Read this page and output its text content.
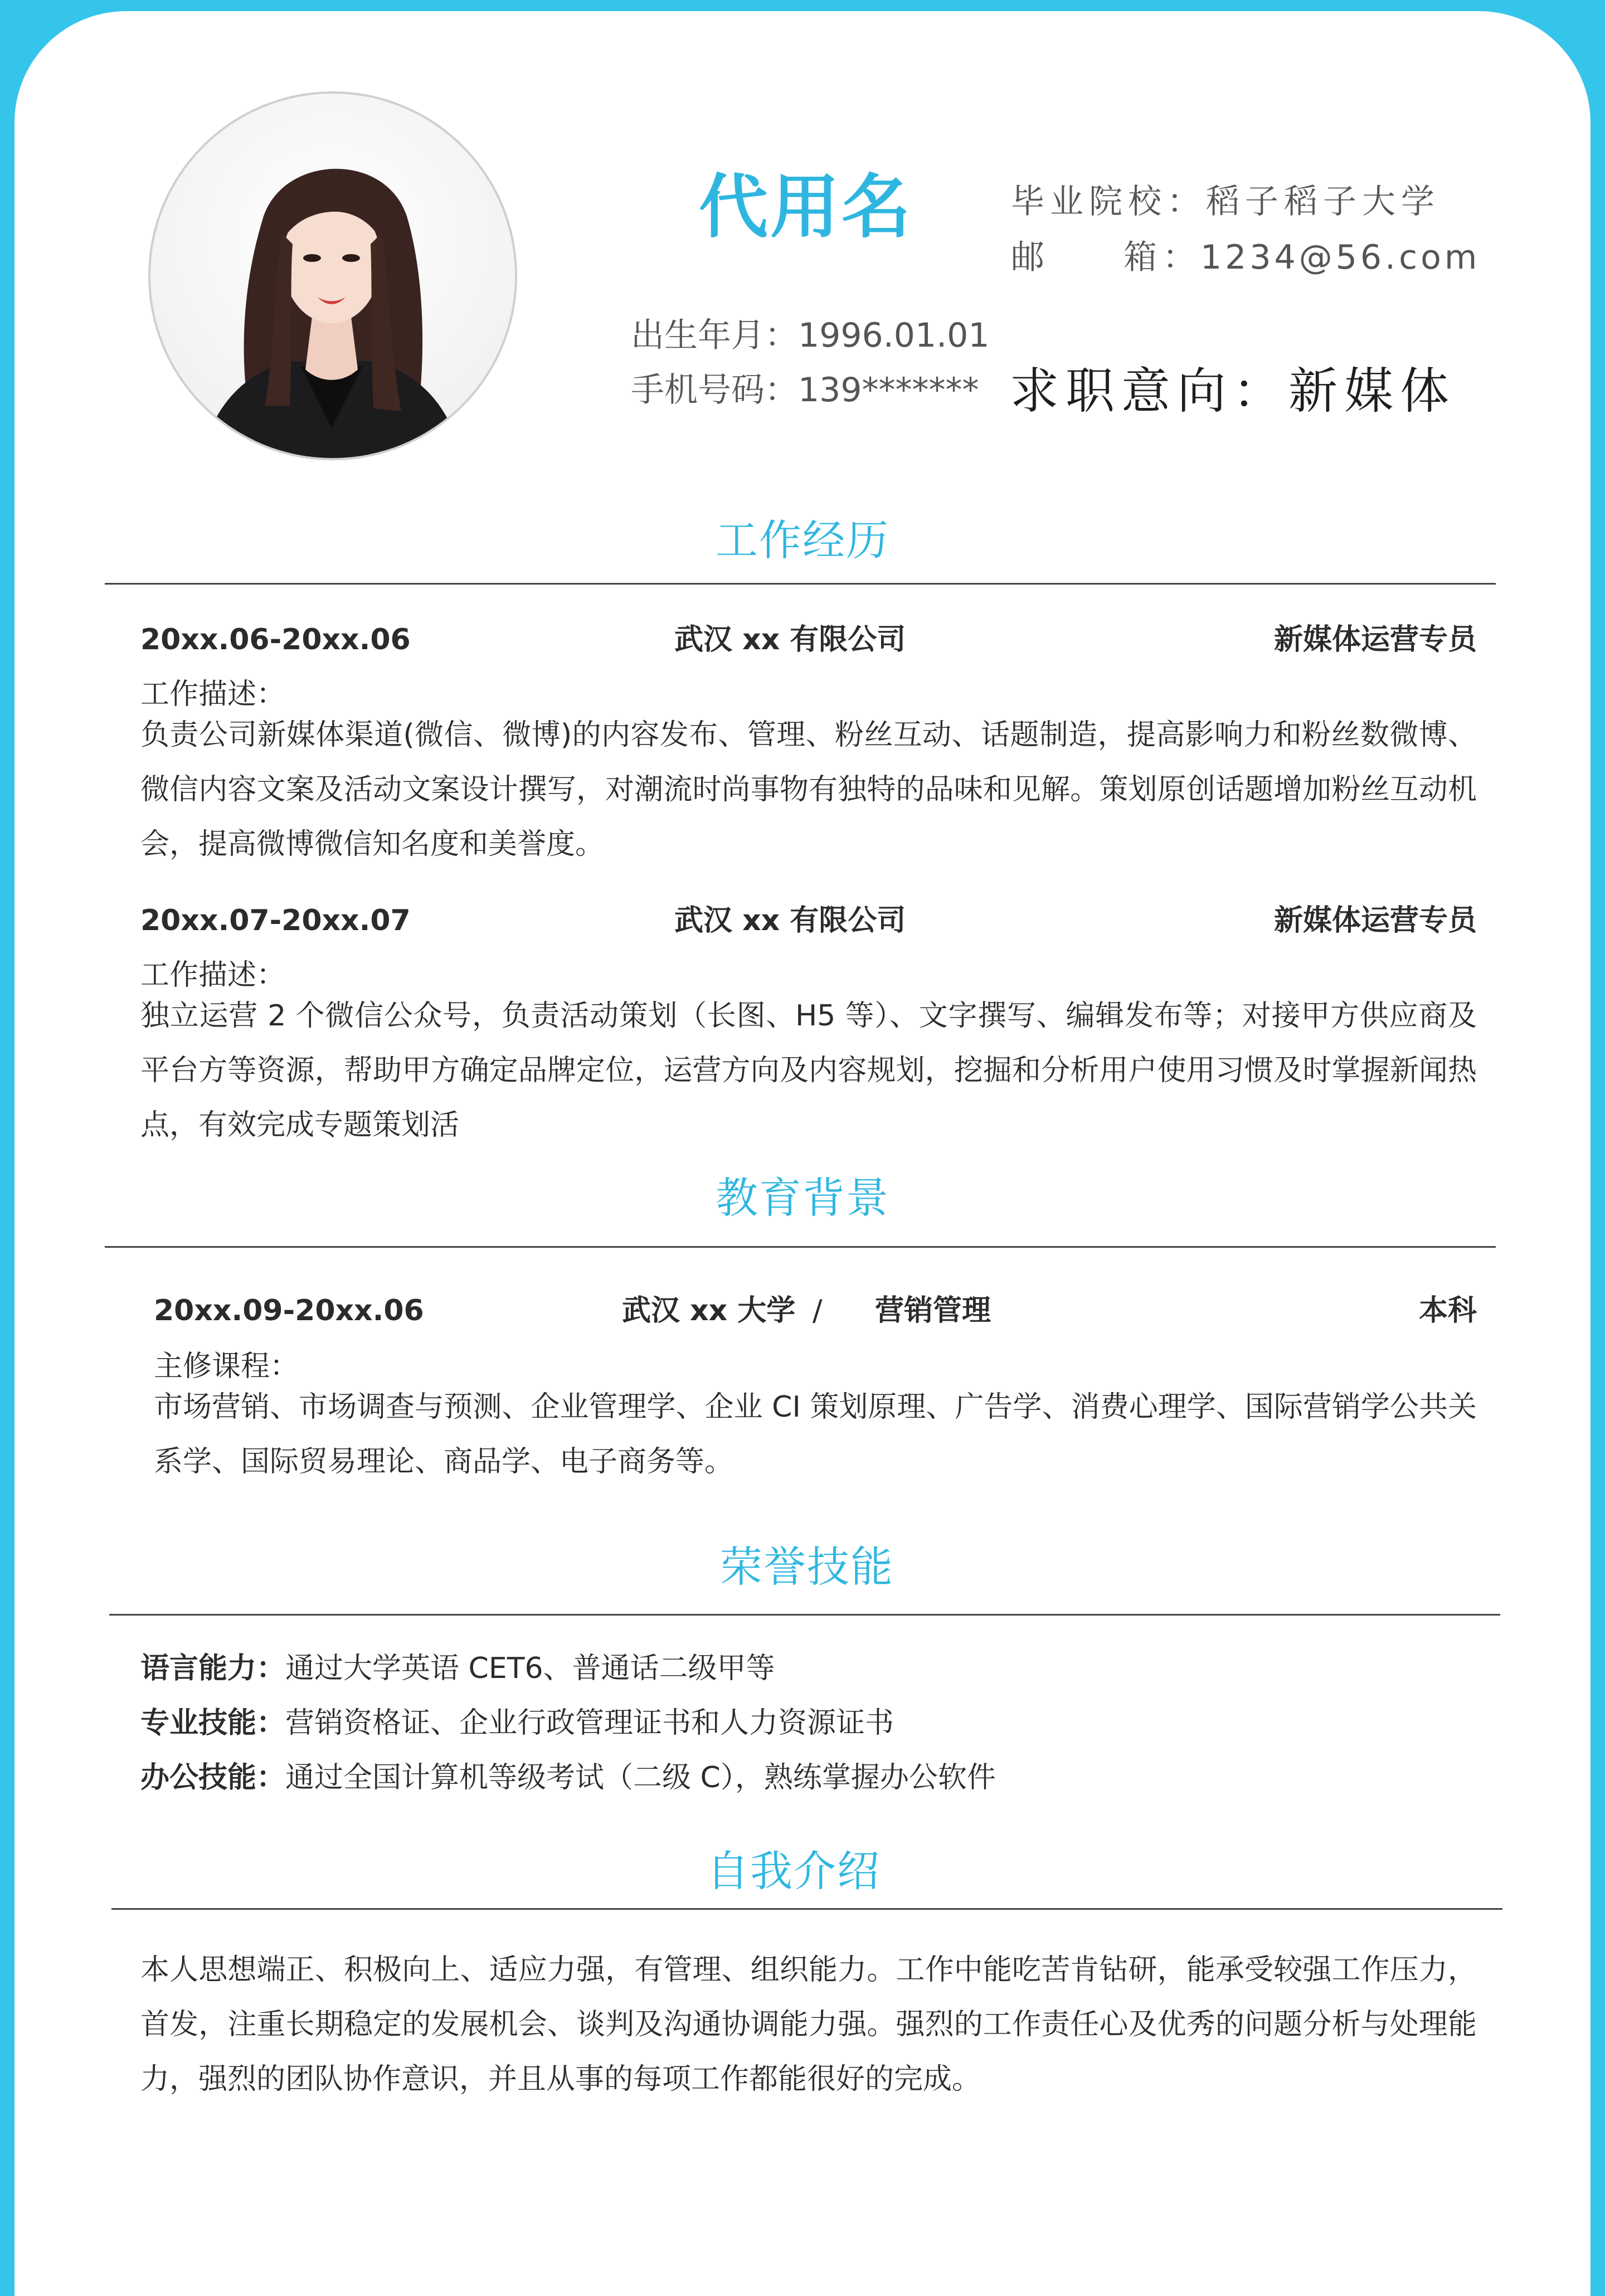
代用名
出生年月：1996.01.01
手机号码：139*******
毕业院校：稻子稻子大学
邮 箱：
1234@56.com
求职意向：新媒体
工作经历
20xx.06-20xx.06	武汉 xx 有限公司	新媒体运营专员
工作描述：
负责公司新媒体渠道(微信、微博)的内容发布、管理、粉丝互动、话题制造，提高影响力和粉丝数微博、微信内容文案及活动文案设计撰写，对潮流时尚事物有独特的品味和见解。策划原创话题增加粉丝互动机会，提高微博微信知名度和美誉度。
20xx.07-20xx.07	武汉 xx 有限公司	新媒体运营专员
工作描述：
独立运营 2 个微信公众号，负责活动策划（长图、H5 等）、文字撰写、编辑发布等；对接甲方供应商及平台方等资源，帮助甲方确定品牌定位，运营方向及内容规划，挖掘和分析用户使用习惯及时掌握新闻热点，有效完成专题策划活
教育背景
20xx.09-20xx.06	武汉 xx 大学 / 营销管理	本科
主修课程：
市场营销、市场调查与预测、企业管理学、企业 CI 策划原理、广告学、消费心理学、国际营销学公共关系学、国际贸易理论、商品学、电子商务等。
荣誉技能
语言能力：通过大学英语 CET6、普通话二级甲等
专业技能：营销资格证、企业行政管理证书和人力资源证书
办公技能：通过全国计算机等级考试（二级 C），熟练掌握办公软件
自我介绍
本人思想端正、积极向上、适应力强，有管理、组织能力。工作中能吃苦肯钻研，能承受较强工作压力，首发，注重长期稳定的发展机会、谈判及沟通协调能力强。强烈的工作责任心及优秀的问题分析与处理能力，强烈的团队协作意识，并且从事的每项工作都能很好的完成。
